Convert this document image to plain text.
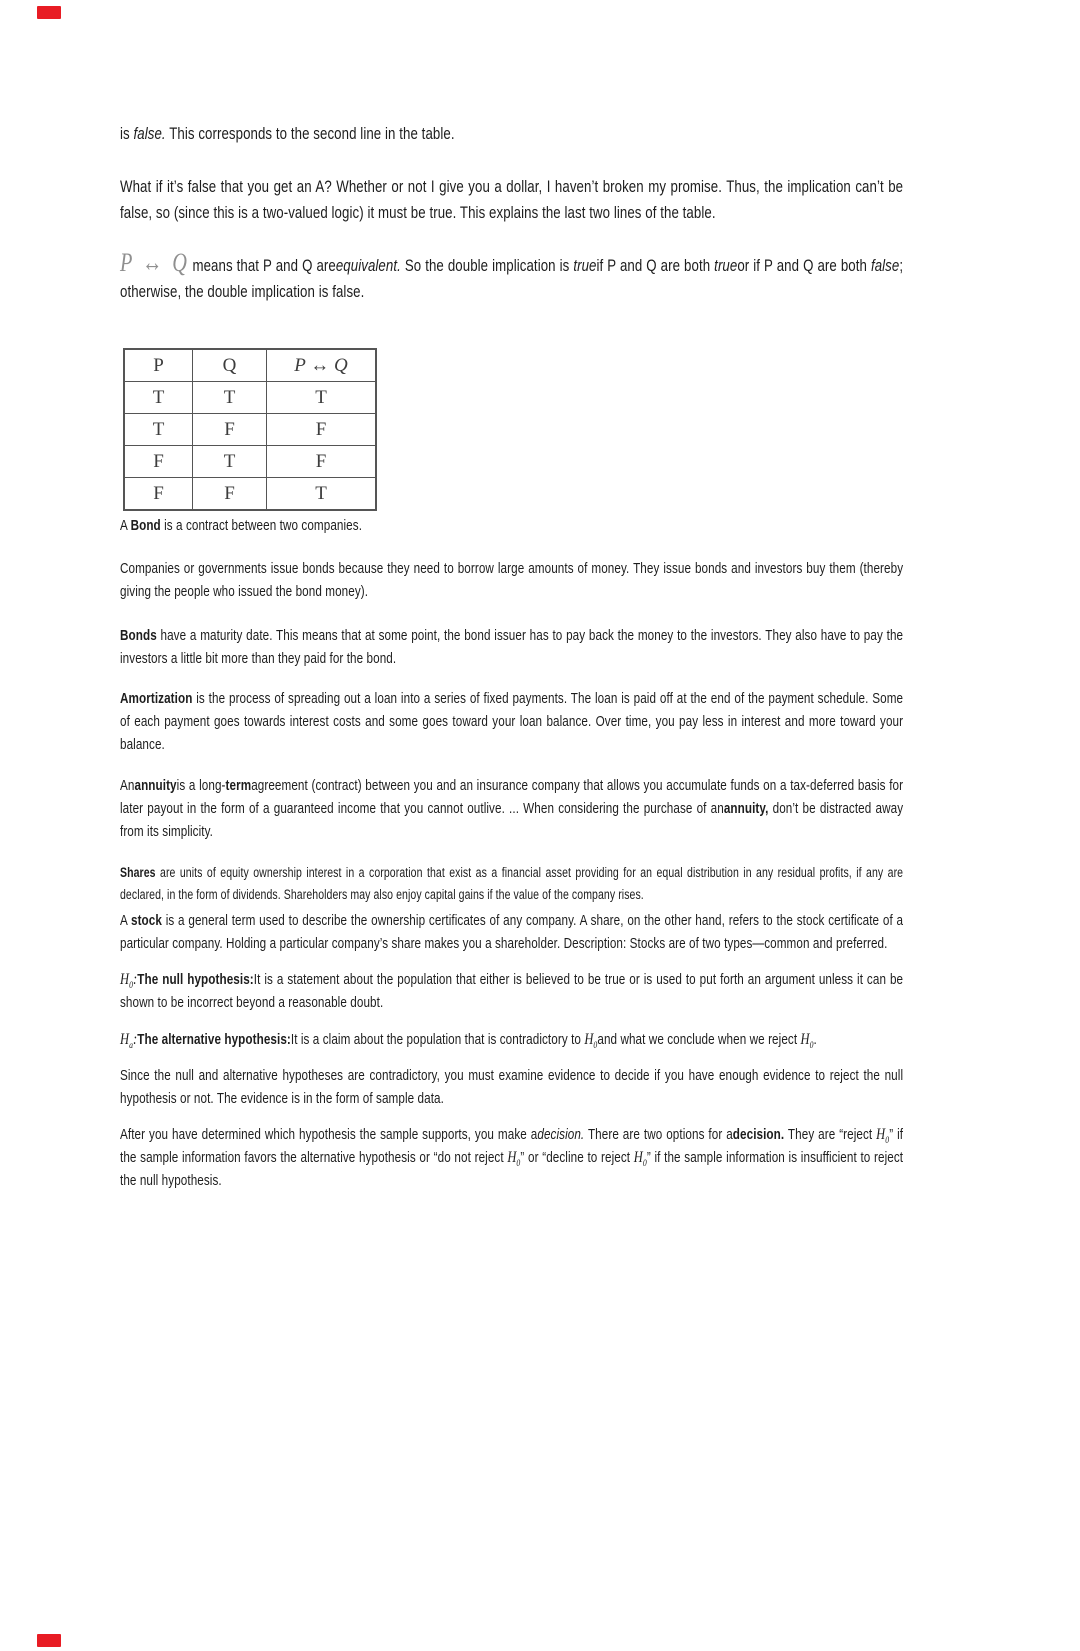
P	Q	P ↔ Q
T	T	T
T	F	F
F	T	F
F	F	T

is false. This corresponds to the second line in the table.

What if it’s false that you get an A? Whether or not I give you a dollar, I haven’t broken my promise. Thus, the implication can’t be false, so (since this is a two-valued logic) it must be true. This explains the last two lines of the table.

P ↔ Q means that P and Q areequivalent. So the double implication is trueif P and Q are both trueor if P and Q are both false; otherwise, the double implication is false.

A Bond is a contract between two companies.

Companies or governments issue bonds because they need to borrow large amounts of money. They issue bonds and investors buy them (thereby giving the people who issued the bond money).

Bonds have a maturity date. This means that at some point, the bond issuer has to pay back the money to the investors. They also have to pay the investors a little bit more than they paid for the bond.

Amortization is the process of spreading out a loan into a series of fixed payments. The loan is paid off at the end of the payment schedule. Some of each payment goes towards interest costs and some goes toward your loan balance. Over time, you pay less in interest and more toward your balance.

Anannuityis a long-termagreement (contract) between you and an insurance company that allows you accumulate funds on a tax-deferred basis for later payout in the form of a guaranteed income that you cannot outlive. ... When considering the purchase of anannuity, don’t be distracted away from its simplicity.

Shares are units of equity ownership interest in a corporation that exist as a financial asset providing for an equal distribution in any residual profits, if any are declared, in the form of dividends. Shareholders may also enjoy capital gains if the value of the company rises.

A stock is a general term used to describe the ownership certificates of any company. A share, on the other hand, refers to the stock certificate of a particular company. Holding a particular company’s share makes you a shareholder. Description: Stocks are of two types—common and preferred.

$H_0:The$ null hypothesis:It is a statement about the population that either is believed to be true or is used to put forth an argument unless it can be shown to be incorrect beyond a reasonable doubt.

$H_a:The$ alternative hypothesis:It is a claim about the population that is contradictory to $H_0and$ what we conclude when we reject $H_0$.

Since the null and alternative hypotheses are contradictory, you must examine evidence to decide if you have enough evidence to reject the null hypothesis or not. The evidence is in the form of sample data.

After you have determined which hypothesis the sample supports, you make adecision. There are two options for adecision. They are “reject $H_0$” if the sample information favors the alternative hypothesis or “do not reject $H_0$” or “decline to reject $H_0$” if the sample information is insufficient to reject the null hypothesis.
